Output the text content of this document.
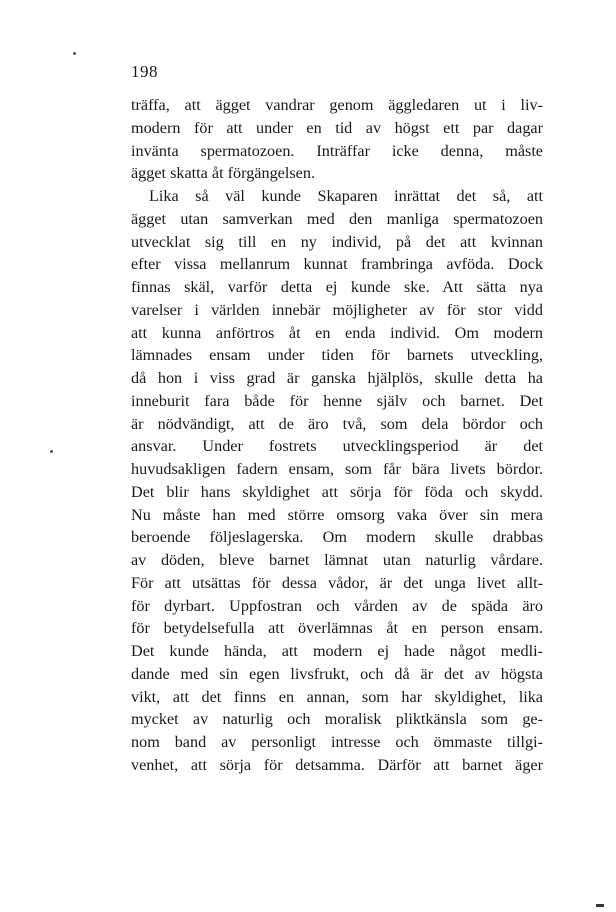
198
träffa, att ägget vandrar genom äggledaren ut i liv-
modern för att under en tid av högst ett par dagar
invänta spermatozoen. Inträffar icke denna, måste
ägget skatta åt förgängelsen.
Lika så väl kunde Skaparen inrättat det så, att
ägget utan samverkan med den manliga spermatozoen
utvecklat sig till en ny individ, på det att kvinnan
efter vissa mellanrum kunnat frambringa avföda. Dock
finnas skäl, varför detta ej kunde ske. Att sätta nya
varelser i världen innebär möjligheter av för stor vidd
att kunna anförtros åt en enda individ. Om modern
lämnades ensam under tiden för barnets utveckling,
då hon i viss grad är ganska hjälplös, skulle detta ha
inneburit fara både för henne själv och barnet. Det
är nödvändigt, att de äro två, som dela bördor och
ansvar. Under fostrets utvecklingsperiod är det
huvudsakligen fadern ensam, som får bära livets bördor.
Det blir hans skyldighet att sörja för föda och skydd.
Nu måste han med större omsorg vaka över sin mera
beroende följeslagerska. Om modern skulle drabbas
av döden, bleve barnet lämnat utan naturlig vårdare.
För att utsättas för dessa vådor, är det unga livet allt-
för dyrbart. Uppfostran och vården av de späda äro
för betydelsefulla att överlämnas åt en person ensam.
Det kunde hända, att modern ej hade något medli-
dande med sin egen livsfrukt, och då är det av högsta
vikt, att det finns en annan, som har skyldighet, lika
mycket av naturlig och moralisk pliktkänsla som ge-
nom band av personligt intresse och ömmaste tillgi-
venhet, att sörja för detsamma. Därför att barnet äger
